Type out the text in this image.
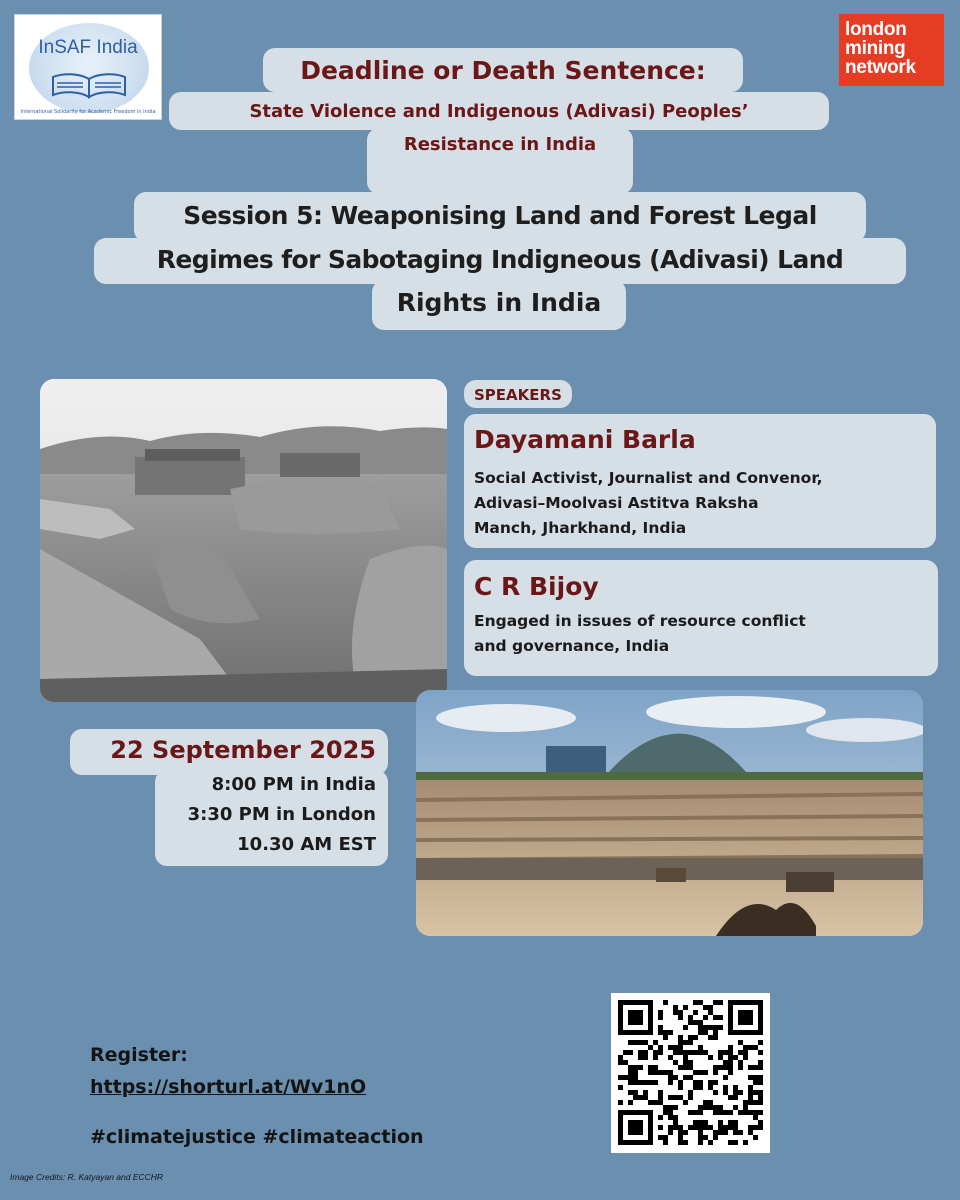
InSAF India
International Solidarity for Academic Freedom in India
london
mining
network
Deadline or Death Sentence:
State Violence and Indigenous (Adivasi) Peoples’
Resistance in India
Session 5: Weaponising Land and Forest Legal
Regimes for Sabotaging Indigneous (Adivasi) Land
Rights in India
SPEAKERS
Dayamani Barla
Social Activist, Journalist and Convenor,
Adivasi–Moolvasi Astitva Raksha
Manch, Jharkhand, India
C R Bijoy
Engaged in issues of resource conflict
and governance, India
22 September 2025
8:00 PM in India
3:30 PM in London
10.30 AM EST
Register:
https://shorturl.at/Wv1nO
#climatejustice #climateaction
Image Credits: R. Katyayan and ECCHR
